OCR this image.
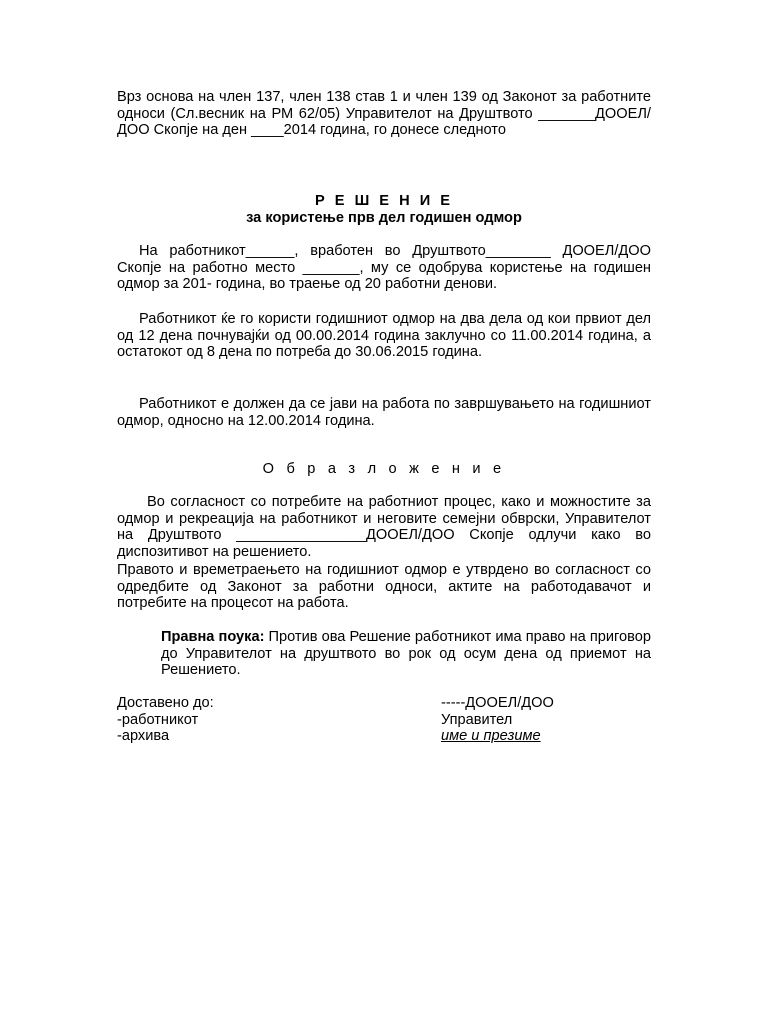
Врз основа на член 137, член 138 став 1 и член 139 од Законот за работните односи (Сл.весник на РМ 62/05) Управителот на Друштвото _______ДООЕЛ/ ДОО Скопје на ден ____2014 година, го донесе следното

Р Е Ш Е Н И Е

за користење прв дел годишен одмор

На работникот______, вработен во Друштвото________ ДООЕЛ/ДОО Скопје на работно место _______, му се одобрува користење на годишен одмор за 201- година, во траење од 20 работни денови.

Работникот ќе го користи годишниот одмор на два дела од кои првиот дел од 12 дена почнувајќи од 00.00.2014 година заклучно со 11.00.2014 година, а остатокот од 8 дена по потреба до 30.06.2015 година.

Работникот е должен да се јави на работа по завршувањето на годишниот одмор, односно на 12.00.2014 година.

О б р а з л о ж е н и е

Во согласност со потребите на работниот процес, како и можностите за одмор и рекреација на работникот и неговите семејни обврски, Управителот на Друштвото ________________ДООЕЛ/ДОО Скопје одлучи како во диспозитивот на решението.

Правото и времетраењето на годишниот одмор е утврдено во согласност со одредбите од Законот за работни односи, актите на работодавачот и потребите на процесот на работа.

Правна поука: Против ова Решение работникот има право на приговор до Управителот на друштвото во рок од осум дена од приемот на Решението.

Доставено до:
-работникот
-архива
-----ДООЕЛ/ДОО
Управител
име и презиме
